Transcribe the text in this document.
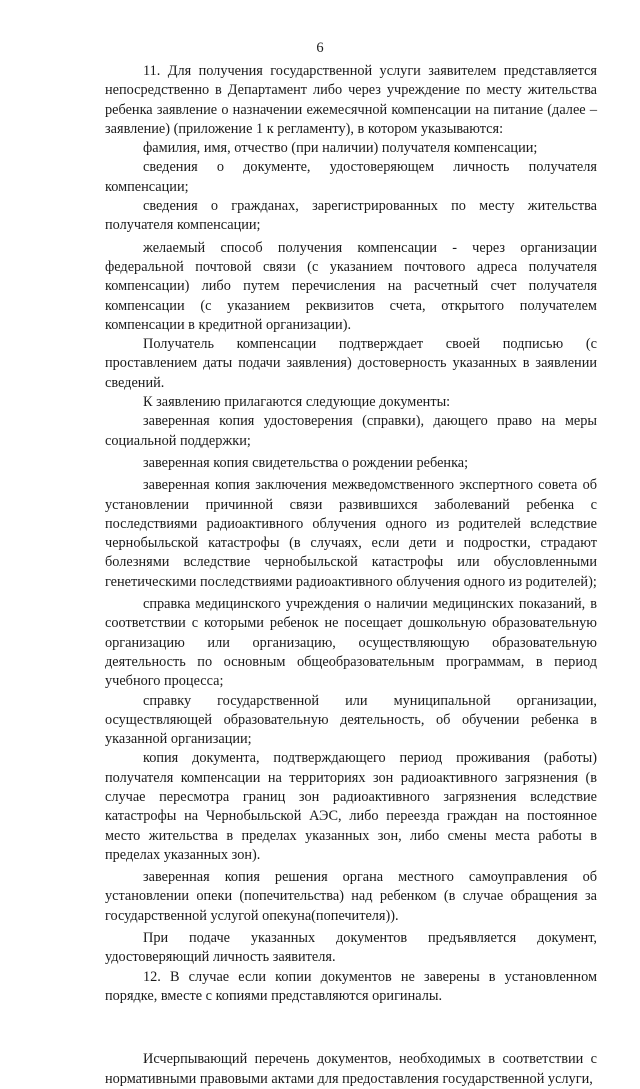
6

11. Для получения государственной услуги заявителем представляется непосредственно в Департамент либо через учреждение по месту жительства ребенка заявление о назначении ежемесячной компенсации на питание (далее – заявление) (приложение 1 к регламенту), в котором указываются:

фамилия, имя, отчество (при наличии) получателя компенсации;

сведения о документе, удостоверяющем личность получателя компенсации;

сведения о гражданах, зарегистрированных по месту жительства получателя компенсации;

желаемый способ получения компенсации - через организации федеральной почтовой связи (с указанием почтового адреса получателя компенсации) либо путем перечисления на расчетный счет получателя компенсации (с указанием реквизитов счета, открытого получателем компенсации в кредитной организации).

Получатель компенсации подтверждает своей подписью (с проставлением даты подачи заявления) достоверность указанных в заявлении сведений.

К заявлению прилагаются следующие документы:

заверенная копия удостоверения (справки), дающего право на меры социальной поддержки;

заверенная копия свидетельства о рождении ребенка;

заверенная копия заключения межведомственного экспертного совета об установлении причинной связи развившихся заболеваний ребенка с последствиями радиоактивного облучения одного из родителей вследствие чернобыльской катастрофы (в случаях, если дети и подростки, страдают болезнями вследствие чернобыльской катастрофы или обусловленными генетическими последствиями радиоактивного облучения одного из родителей);

справка медицинского учреждения о наличии медицинских показаний, в соответствии с которыми ребенок не посещает дошкольную образовательную организацию или организацию, осуществляющую образовательную деятельность по основным общеобразовательным программам, в период учебного процесса;

справку государственной или муниципальной организации, осуществляющей образовательную деятельность, об обучении ребенка в указанной организации;

копия документа, подтверждающего период проживания (работы) получателя компенсации на территориях зон радиоактивного загрязнения (в случае пересмотра границ зон радиоактивного загрязнения вследствие катастрофы на Чернобыльской АЭС, либо переезда граждан на постоянное место жительства в пределах указанных зон, либо смены места работы в пределах указанных зон).

заверенная копия решения органа местного самоуправления об установлении опеки (попечительства) над ребенком (в случае обращения за государственной услугой опекуна(попечителя)).

При подаче указанных документов предъявляется документ, удостоверяющий личность заявителя.

12. В случае если копии документов не заверены в установленном порядке, вместе с копиями представляются оригиналы.

Исчерпывающий перечень документов, необходимых в соответствии с нормативными правовыми актами для предоставления государственной услуги,
